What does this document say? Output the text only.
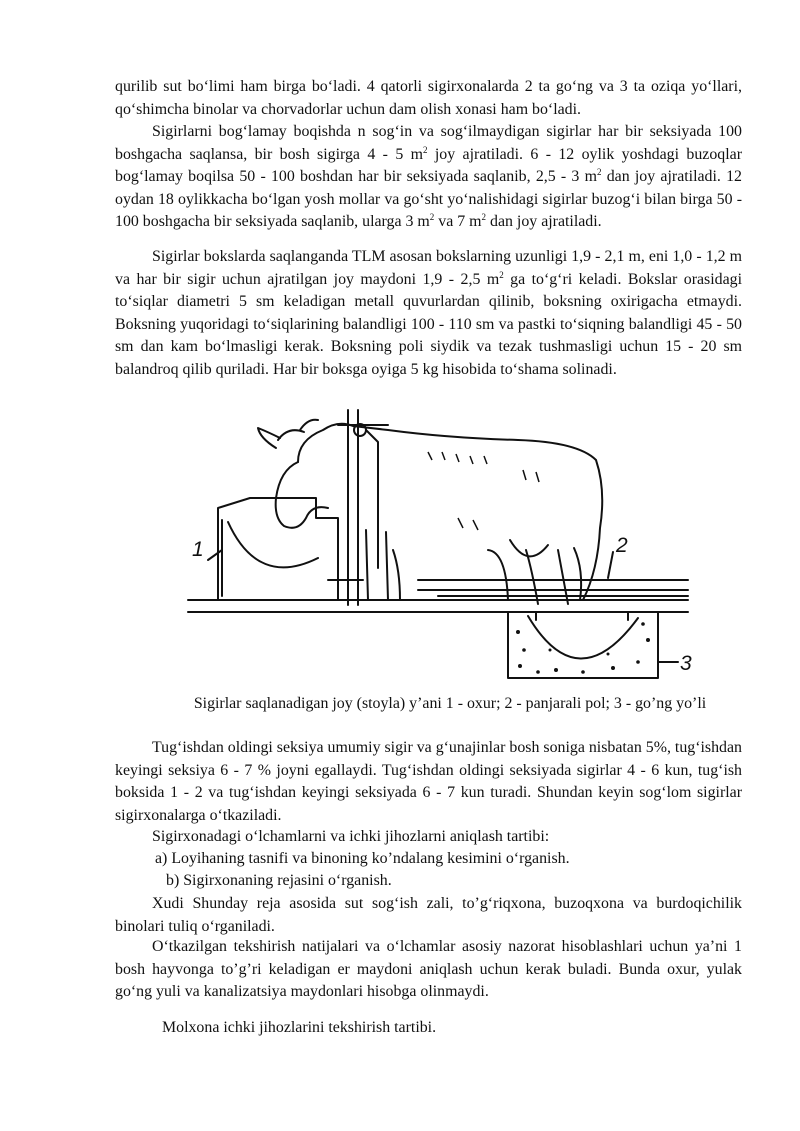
qurilib sut bo‘limi ham birga bo‘ladi. 4 qatorli sigirxonalarda 2 ta go‘ng va 3 ta oziqa yo‘llari, qo‘shimcha binolar va chorvadorlar uchun dam olish xonasi ham bo‘ladi.

Sigirlarni bog‘lamay boqishda n sog‘in va sog‘ilmaydigan sigirlar har bir seksiyada 100 boshgacha saqlansa, bir bosh sigirga 4 - 5 $m^2$ joy ajratiladi. 6 - 12 oylik yoshdagi buzoqlar bog‘lamay boqilsa 50 - 100 boshdan har bir seksiyada saqlanib, 2,5 - 3 $m^2$ dan joy ajratiladi. 12 oydan 18 oylikkacha bo‘lgan yosh mollar va go‘sht yo‘nalishidagi sigirlar buzog‘i bilan birga 50 - 100 boshgacha bir seksiyada saqlanib, ularga 3 $m^2$ va 7 $m^2$ dan joy ajratiladi.

Sigirlar bokslarda saqlanganda TLM asosan bokslarning uzunligi 1,9 - 2,1 m, eni 1,0 - 1,2 m va har bir sigir uchun ajratilgan joy maydoni 1,9 - 2,5 $m^2$ ga to‘g‘ri keladi. Bokslar orasidagi to‘siqlar diametri 5 sm keladigan metall quvurlardan qilinib, boksning oxirigacha etmaydi. Boksning yuqoridagi to‘siqlarining balandligi 100 - 110 sm va pastki to‘siqning balandligi 45 - 50 sm dan kam bo‘lmasligi kerak. Boksning poli siydik va tezak tushmasligi uchun 15 - 20 sm balandroq qilib quriladi. Har bir boksga oyiga 5 kg hisobida to‘shama solinadi.

1	2
3

Sigirlar saqlanadigan joy (stoyla) y’ani 1 - oxur; 2 - panjarali pol; 3 - go’ng yo’li

Tug‘ishdan oldingi seksiya umumiy sigir va g‘unajinlar bosh soniga nisbatan 5%, tug‘ishdan keyingi seksiya 6 - 7 % joyni egallaydi. Tug‘ishdan oldingi seksiyada sigirlar 4 - 6 kun, tug‘ish boksida 1 - 2 va tug‘ishdan keyingi seksiyada 6 - 7 kun turadi. Shundan keyin sog‘lom sigirlar sigirxonalarga o‘tkaziladi.

Sigirxonadagi o‘lchamlarni va ichki jihozlarni aniqlash tartibi:

a) Loyihaning tasnifi va binoning ko’ndalang kesimini o‘rganish.

b) Sigirxonaning rejasini o‘rganish.

Xudi Shunday reja asosida sut sog‘ish zali, to’g‘riqxona, buzoqxona va burdoqichilik binolari tuliq o‘rganiladi.

O‘tkazilgan tekshirish natijalari va o‘lchamlar asosiy nazorat hisoblashlari uchun ya’ni 1 bosh hayvonga to’g’ri keladigan er maydoni aniqlash uchun kerak buladi. Bunda oxur, yulak go‘ng yuli va kanalizatsiya maydonlari hisobga olinmaydi.

Molxona ichki jihozlarini tekshirish tartibi.
